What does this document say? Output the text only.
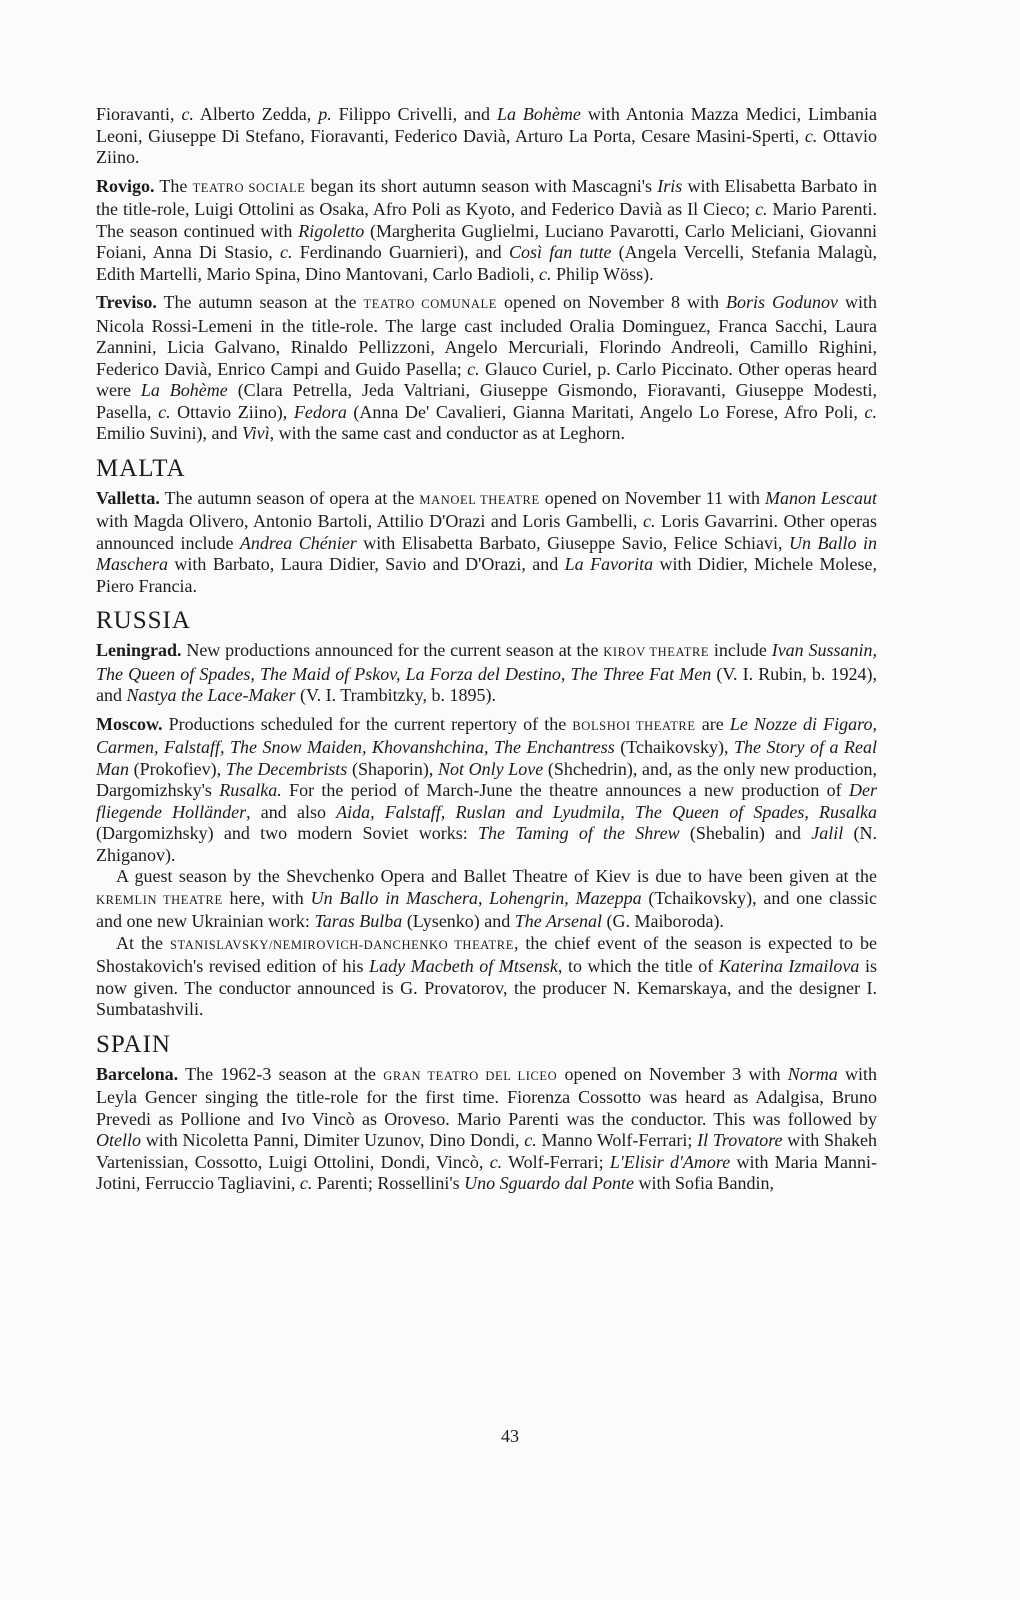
Fioravanti, c. Alberto Zedda, p. Filippo Crivelli, and La Bohème with Antonia Mazza Medici, Limbania Leoni, Giuseppe Di Stefano, Fioravanti, Federico Davià, Arturo La Porta, Cesare Masini-Sperti, c. Ottavio Ziino.

Rovigo. The TEATRO SOCIALE began its short autumn season with Mascagni's Iris with Elisabetta Barbato in the title-role, Luigi Ottolini as Osaka, Afro Poli as Kyoto, and Federico Davià as Il Cieco; c. Mario Parenti. The season continued with Rigoletto (Margherita Guglielmi, Luciano Pavarotti, Carlo Meliciani, Giovanni Foiani, Anna Di Stasio, c. Ferdinando Guarnieri), and Così fan tutte (Angela Vercelli, Stefania Malagù, Edith Martelli, Mario Spina, Dino Mantovani, Carlo Badioli, c. Philip Wöss).

Treviso. The autumn season at the TEATRO COMUNALE opened on November 8 with Boris Godunov with Nicola Rossi-Lemeni in the title-role. The large cast included Oralia Dominguez, Franca Sacchi, Laura Zannini, Licia Galvano, Rinaldo Pellizzoni, Angelo Mercuriali, Florindo Andreoli, Camillo Righini, Federico Davià, Enrico Campi and Guido Pasella; c. Glauco Curiel, p. Carlo Piccinato. Other operas heard were La Bohème (Clara Petrella, Jeda Valtriani, Giuseppe Gismondo, Fioravanti, Giuseppe Modesti, Pasella, c. Ottavio Ziino), Fedora (Anna De' Cavalieri, Gianna Maritati, Angelo Lo Forese, Afro Poli, c. Emilio Suvini), and Vivì, with the same cast and conductor as at Leghorn.

MALTA

Valletta. The autumn season of opera at the MANOEL THEATRE opened on November 11 with Manon Lescaut with Magda Olivero, Antonio Bartoli, Attilio D'Orazi and Loris Gambelli, c. Loris Gavarrini. Other operas announced include Andrea Chénier with Elisabetta Barbato, Giuseppe Savio, Felice Schiavi, Un Ballo in Maschera with Barbato, Laura Didier, Savio and D'Orazi, and La Favorita with Didier, Michele Molese, Piero Francia.

RUSSIA

Leningrad. New productions announced for the current season at the KIROV THEATRE include Ivan Sussanin, The Queen of Spades, The Maid of Pskov, La Forza del Destino, The Three Fat Men (V. I. Rubin, b. 1924), and Nastya the Lace-Maker (V. I. Trambitzky, b. 1895).

Moscow. Productions scheduled for the current repertory of the BOLSHOI THEATRE are Le Nozze di Figaro, Carmen, Falstaff, The Snow Maiden, Khovanshchina, The Enchantress (Tchaikovsky), The Story of a Real Man (Prokofiev), The Decembrists (Shaporin), Not Only Love (Shchedrin), and, as the only new production, Dargomizhsky's Rusalka. For the period of March-June the theatre announces a new production of Der fliegende Holländer, and also Aida, Falstaff, Ruslan and Lyudmila, The Queen of Spades, Rusalka (Dargomizhsky) and two modern Soviet works: The Taming of the Shrew (Shebalin) and Jalil (N. Zhiganov).

A guest season by the Shevchenko Opera and Ballet Theatre of Kiev is due to have been given at the KREMLIN THEATRE here, with Un Ballo in Maschera, Lohengrin, Mazeppa (Tchaikovsky), and one classic and one new Ukrainian work: Taras Bulba (Lysenko) and The Arsenal (G. Maiboroda).

At the STANISLAVSKY/NEMIROVICH-DANCHENKO THEATRE, the chief event of the season is expected to be Shostakovich's revised edition of his Lady Macbeth of Mtsensk, to which the title of Katerina Izmailova is now given. The conductor announced is G. Provatorov, the producer N. Kemarskaya, and the designer I. Sumbatashvili.

SPAIN

Barcelona. The 1962-3 season at the GRAN TEATRO DEL LICEO opened on November 3 with Norma with Leyla Gencer singing the title-role for the first time. Fiorenza Cossotto was heard as Adalgisa, Bruno Prevedi as Pollione and Ivo Vincò as Oroveso. Mario Parenti was the conductor. This was followed by Otello with Nicoletta Panni, Dimiter Uzunov, Dino Dondi, c. Manno Wolf-Ferrari; Il Trovatore with Shakeh Vartenissian, Cossotto, Luigi Ottolini, Dondi, Vincò, c. Wolf-Ferrari; L'Elisir d'Amore with Maria Manni-Jotini, Ferruccio Tagliavini, c. Parenti; Rossellini's Uno Sguardo dal Ponte with Sofia Bandin,

43
